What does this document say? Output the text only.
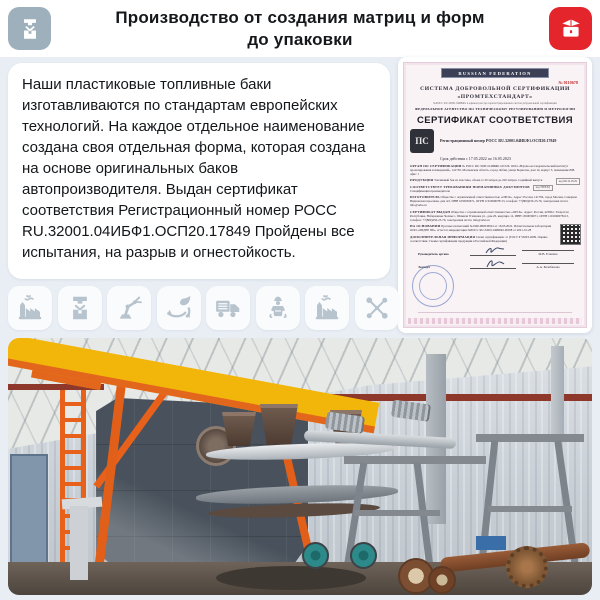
Производство от создания матриц и форм
до упаковки
Наши пластиковые топливные баки изготавливаются по стандартам европейских технологий. На каждое отдельное наименование создана своя отдельная форма, которая создана на основе оригинальных баков автопроизводителя. Выдан сертификат соответствия Регистрационный номер РОСС RU.32001.04ИБФ1.ОСП20.17849 Пройдены все испытания, на разрыв и огнестойкость.
RUSSIAN FEDERATION
№ 0110678
СИСТЕМА ДОБРОВОЛЬНОЙ СЕРТИФИКАЦИИ
«ПРОМТЕХСТАНДАРТ»
№РОСС RU.32001.04ИБФ1 в едином реестре зарегистрированных систем добровольной сертификации
ФЕДЕРАЛЬНОЕ АГЕНТСТВО ПО ТЕХНИЧЕСКОМУ РЕГУЛИРОВАНИЮ И МЕТРОЛОГИИ
СЕРТИФИКАТ СООТВЕТСТВИЯ
ПС	Регистрационный номер РОСС RU.32001.04ИБФ1.ОСП20.17849
Срок действия с 17.05.2022 по 16.05.2023
ОРГАН ПО СЕРТИФИКАЦИИ № РОСС RU.32001.04ИБФ1.ОС526. ООО «Научно-исследовательский институт проектирования и измерений», 141730, Московская область, город Лобня, улица Борисова, дом 14, корпус 3, помещение 808, офис 1
код ОК 22.29.29
ПРОДУКЦИЯ Топливный бак из пластика, объем от 20 литров до 220 литров. Серийный выпуск
код ТН ВЭД
СООТВЕТСТВУЕТ ТРЕБОВАНИЯМ НОРМАТИВНЫХ ДОКУМЕНТОВ Спецификация производителя
ИЗГОТОВИТЕЛЬ Общество с ограниченной ответственностью «ОРСК». Адрес: Россия, 141704, город Москва, Северная Видновская проезжая, дом 4/2, ИНН 1650036671, ОГРН 1191690078113, телефон: +7(800)250-23-76, электронная почта: info@orka.ru
СЕРТИФИКАТ ВЫДАН Общество с ограниченной ответственностью «ОРСК». Адрес: Россия, 423822, Татарстан Республика, Набережные Челны г., Шамиля Усманова ул., дом 20, квартира 12, ИНН 1650036671, ОГРН 1191690078113, телефон: +7(800)250-23-76, электронная почта: info@orka.ru
НА ОСНОВАНИИ Протокол испытаний №1900-ИБП/И022 от 16.03.2022. Испытательная лаборатория ООО «ЛИДЕР ПБ», аттестат аккредитации №РОСС RU.32001.04ИБФ1.ИЛ08 от 2021-10-28
ДОПОЛНИТЕЛЬНАЯ ИНФОРМАЦИЯ Схема сертификации: 1с (ГОСТ Р 53603-2009. Оценка соответствия. Схемы сертификации продукции в Российской Федерации)
Руководитель органа	М.В. Елагина
Эксперт	А.А. Балабанова
